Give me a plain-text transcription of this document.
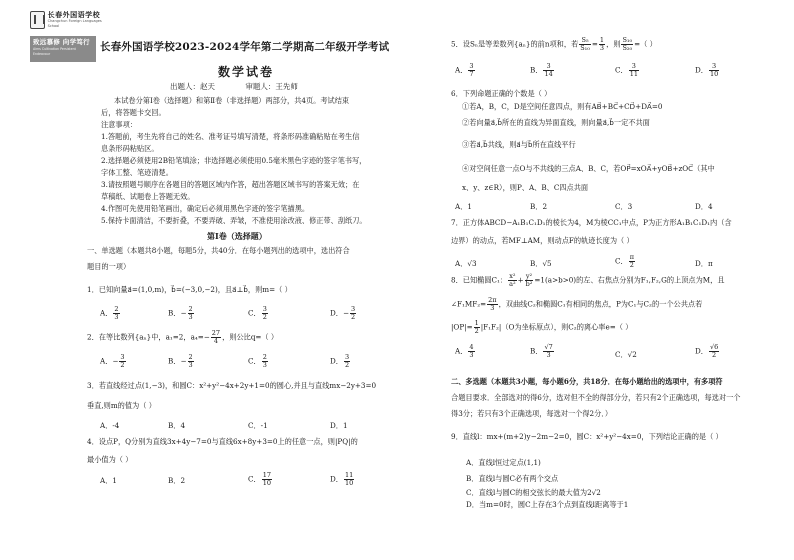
长春外国语学校
Changchun Foreign Languages School
致远慕修 向学笃行
Aims Cultivation Persistent Endeavour
长春外国语学校2023-2024学年第二学期高二年级开学考试
数学试卷
出题人：赵天	审题人：王先师
本试卷分第Ⅰ卷（选择题）和第Ⅱ卷（非选择题）两部分，共4页。考试结束
后，将答题卡交回。
注意事项：
1.答题前，考生先将自己的姓名、准考证号填写清楚，将条形码准确粘贴在考生信
息条形码粘贴区。
2.选择题必须使用2B铅笔填涂；非选择题必须使用0.5毫米黑色字迹的签字笔书写，
字体工整、笔迹清楚。
3.请按照题号顺序在各题目的答题区域内作答，超出答题区域书写的答案无效；在
草稿纸、试题卷上答题无效。
4.作图可先使用铅笔画出，确定后必须用黑色字迹的签字笔描黑。
5.保持卡面清洁，不要折叠，不要弄破、弄皱，不准使用涂改液、修正带、刮纸刀。
第Ⅰ卷（选择题）
一、单选题（本题共8小题，每题5分，共40分．在每小题列出的选项中，选出符合
题目的一项）
1．已知向量a⃗=(1,0,m)，b⃗=(−3,0,−2)，且a⃗⊥b⃗，则m=（ ）
A． $\frac{2}{3}$	B．− $\frac{2}{3}$	C． $\frac{3}{2}$	D．− $\frac{3}{2}$
2．在等比数列{aₙ}中，a₁=2，$a_4=- \frac{27}{4}$ ，则公比q=（ ）
A．− $\frac{3}{2}$	B．− $\frac{2}{3}$	C． $\frac{2}{3}$	D． $\frac{3}{2}$
3．若直线经过点(1,−3)，和圆C：x²+y²−4x+2y+1=0的圆心,并且与直线mx−2y+3=0
垂直,则m的值为（ ）
A．-4	B．4	C．-1	D．1
4．设点P，Q分别为直线3x+4y−7=0与直线6x+8y+3=0上的任意一点，则|PQ|的
最小值为（ ）
A．1	B．2	C． $\frac{17}{10}$	D． $\frac{11}{10}$
5．设Sₙ是等差数列{aₙ}的前n项和，若 $\frac{\text{S₅}}{\text{S₁₀}} = \frac{1}{3}$ ，则 $\frac{\text{S₁₀}}{\text{S₂₀}}$ =（ ）
A． $\frac{3}{7}$	B． $\frac{3}{14}$	C． $\frac{3}{11}$	D． $\frac{3}{10}$
6．下列命题正确的个数是（ ）
①若A，B，C，D是空间任意四点，则有AB⃗+BC⃗+CD⃗+DA⃗=0
②若向量a⃗,b⃗所在的直线为异面直线，则向量a⃗,b⃗一定不共面
③若a⃗,b⃗共线，则a⃗与b⃗所在直线平行
④对空间任意一点O与不共线的三点A、B、C，若OP⃗=xOA⃗+yOB⃗+zOC⃗（其中
x、y、z∈R），则P、A、B、C四点共面
A．1	B．2	C．3	D．4
7．正方体ABCD−A₁B₁C₁D₁的棱长为4，M为棱CC₁中点，P为正方形A₁B₁C₁D₁内（含
边界）的动点，若MF⊥AM，则动点F的轨迹长度为（ ）
A．√3	B．√5	C． $\frac{\pi}{2}$	D．π
8．已知椭圆C₁： $\frac{\text{x²}}{\text{a²}} + \frac{\text{y²}}{\text{b²}} =1(a>b>0)$的左、右焦点分别为F₁,F₂,G的上顶点为M，且
∠F₁MF₂= $\frac{2\pi}{3}$ ，双曲线C₂和椭圆C₁有相同的焦点，P为C₁与C₂的一个公共点若
$|OP|= \frac{1}{2} |F_1F_2|(O$为坐标原点），则C₂的离心率e=（ ）
A． $\frac{4}{3}$	B． $\frac{√7}{3}$	C．√2	D． $\frac{√6}{2}$
二、多选题（本题共3小题，每小题6分，共18分．在每小题给出的选项中，有多项符
合题目要求．全部选对的得6分，选对但不全的得部分分，若只有2个正确选项，每选对一个
得3分；若只有3个正确选项，每选对一个得2分．）
9．直线l：mx+(m+2)y−2m−2=0，圆C：x²+y²−4x=0，下列结论正确的是（ ）
A．直线l恒过定点(1,1)
B．直线l与圆C必有两个交点
C．直线l与圆C的相交弦长的最大值为2√2
D．当m=0时，圆C上存在3个点到直线l距离等于1
